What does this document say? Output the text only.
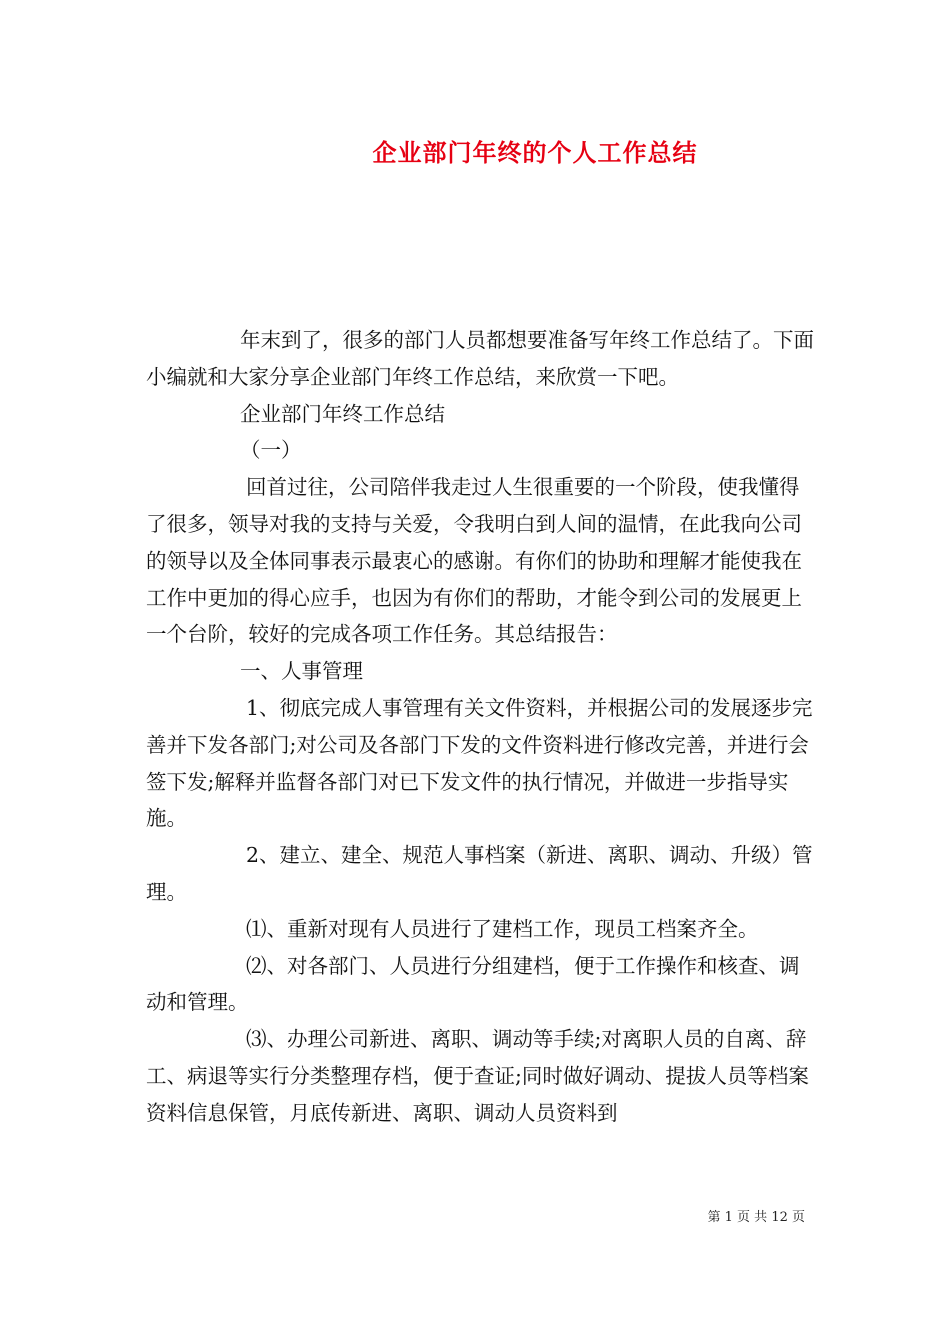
企业部门年终的个人工作总结

年末到了，很多的部门人员都想要准备写年终工作总结了。下面小编就和大家分享企业部门年终工作总结，来欣赏一下吧。

企业部门年终工作总结

（一）

回首过往，公司陪伴我走过人生很重要的一个阶段，使我懂得了很多，领导对我的支持与关爱，令我明白到人间的温情，在此我向公司的领导以及全体同事表示最衷心的感谢。有你们的协助和理解才能使我在工作中更加的得心应手，也因为有你们的帮助，才能令到公司的发展更上一个台阶，较好的完成各项工作任务。其总结报告：

一、人事管理

1、彻底完成人事管理有关文件资料，并根据公司的发展逐步完善并下发各部门;对公司及各部门下发的文件资料进行修改完善，并进行会签下发;解释并监督各部门对已下发文件的执行情况，并做进一步指导实施。

2、建立、建全、规范人事档案（新进、离职、调动、升级）管理。

⑴、重新对现有人员进行了建档工作，现员工档案齐全。

⑵、对各部门、人员进行分组建档，便于工作操作和核查、调动和管理。

⑶、办理公司新进、离职、调动等手续;对离职人员的自离、辞工、病退等实行分类整理存档，便于查证;同时做好调动、提拔人员等档案资料信息保管，月底传新进、离职、调动人员资料到

第 1 页 共 12 页
